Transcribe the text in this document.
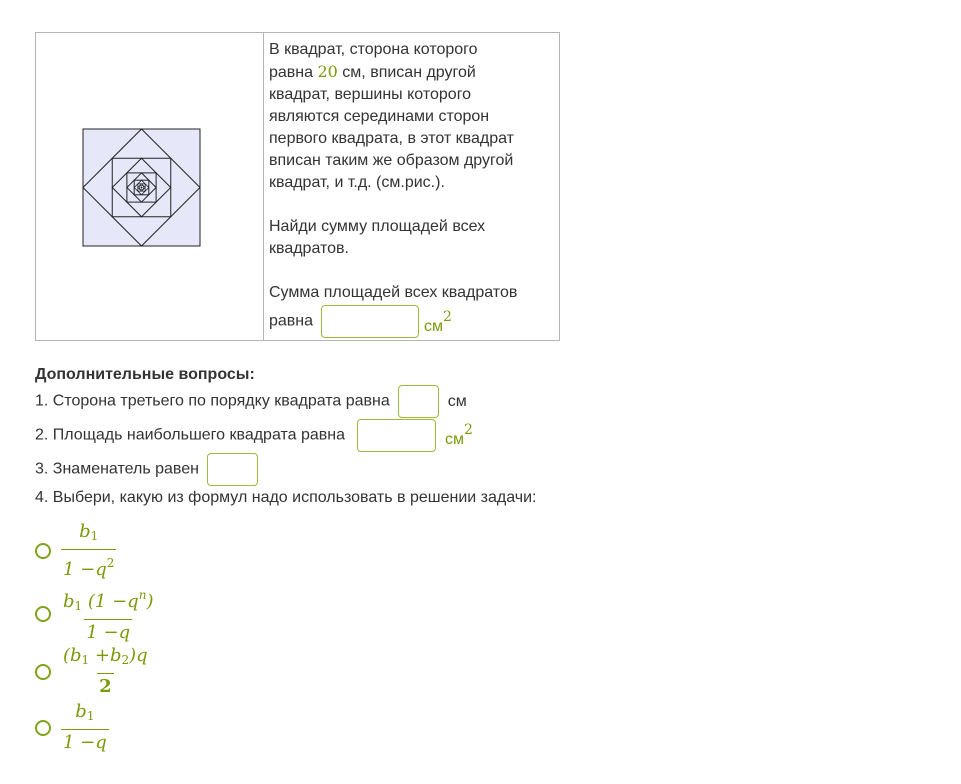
В квадрат, сторона которого

равна 20 см, вписан другой

квадрат, вершины которого

являются серединами сторон

первого квадрата, в этот квадрат

вписан таким же образом другой

квадрат, и т.д. (см.рис.).

Найди сумму площадей всех

квадратов.

Сумма площадей всех квадратов

равна	$см^2$

Дополнительные вопросы:
1. Сторона третьего по порядку квадрата равна	см
2. Площадь наибольшего квадрата равна	$см^2$
3. Знаменатель равен
4. Выбери, какую из формул надо использовать в решении задачи:
$\frac{b_1}{1 -q^2}$
$\frac{b_1 (1 -q^n)}{1 -q}$
$\frac{(b_1 +b_2)q}{2}$
$\frac{b_1}{1 -q}$
